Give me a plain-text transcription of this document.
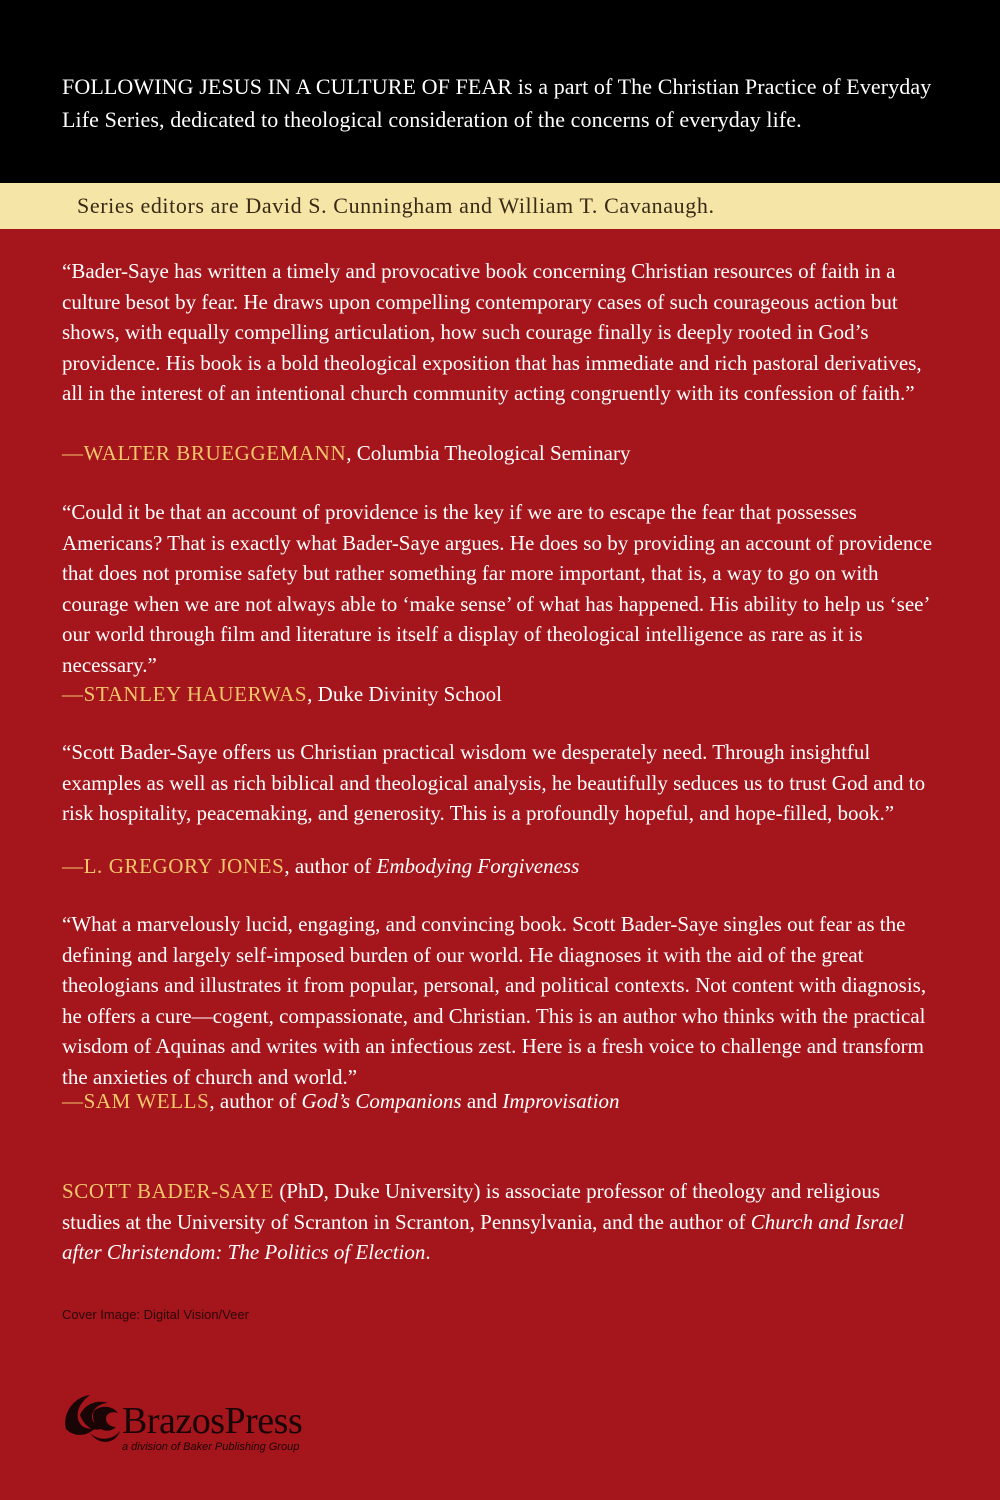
FOLLOWING JESUS IN A CULTURE OF FEAR is a part of The Christian Practice of Everyday Life Series, dedicated to theological consideration of the concerns of everyday life.

Series editors are David S. Cunningham and William T. Cavanaugh.

“Bader-Saye has written a timely and provocative book concerning Christian resources of faith in a culture besot by fear. He draws upon compelling contemporary cases of such courageous action but shows, with equally compelling articulation, how such courage finally is deeply rooted in God’s providence. His book is a bold theological exposition that has immediate and rich pastoral derivatives, all in the interest of an intentional church community acting congruently with its confession of faith.”

—WALTER BRUEGGEMANN, Columbia Theological Seminary

“Could it be that an account of providence is the key if we are to escape the fear that possesses Americans? That is exactly what Bader-Saye argues. He does so by providing an account of providence that does not promise safety but rather something far more important, that is, a way to go on with courage when we are not always able to ‘make sense’ of what has happened. His ability to help us ‘see’ our world through film and literature is itself a display of theological intelligence as rare as it is necessary.”

—STANLEY HAUERWAS, Duke Divinity School

“Scott Bader-Saye offers us Christian practical wisdom we desperately need. Through insightful examples as well as rich biblical and theological analysis, he beautifully seduces us to trust God and to risk hospitality, peacemaking, and generosity. This is a profoundly hopeful, and hope-filled, book.”

—L. GREGORY JONES, author of Embodying Forgiveness

“What a marvelously lucid, engaging, and convincing book. Scott Bader-Saye singles out fear as the defining and largely self-imposed burden of our world. He diagnoses it with the aid of the great theologians and illustrates it from popular, personal, and political contexts. Not content with diagnosis, he offers a cure—cogent, compassionate, and Christian. This is an author who thinks with the practical wisdom of Aquinas and writes with an infectious zest. Here is a fresh voice to challenge and transform the anxieties of church and world.”

—SAM WELLS, author of God’s Companions and Improvisation

SCOTT BADER-SAYE (PhD, Duke University) is associate professor of theology and religious studies at the University of Scranton in Scranton, Pennsylvania, and the author of Church and Israel after Christendom: The Politics of Election.

Cover Image: Digital Vision/Veer

BrazosPress

a division of Baker Publishing Group
